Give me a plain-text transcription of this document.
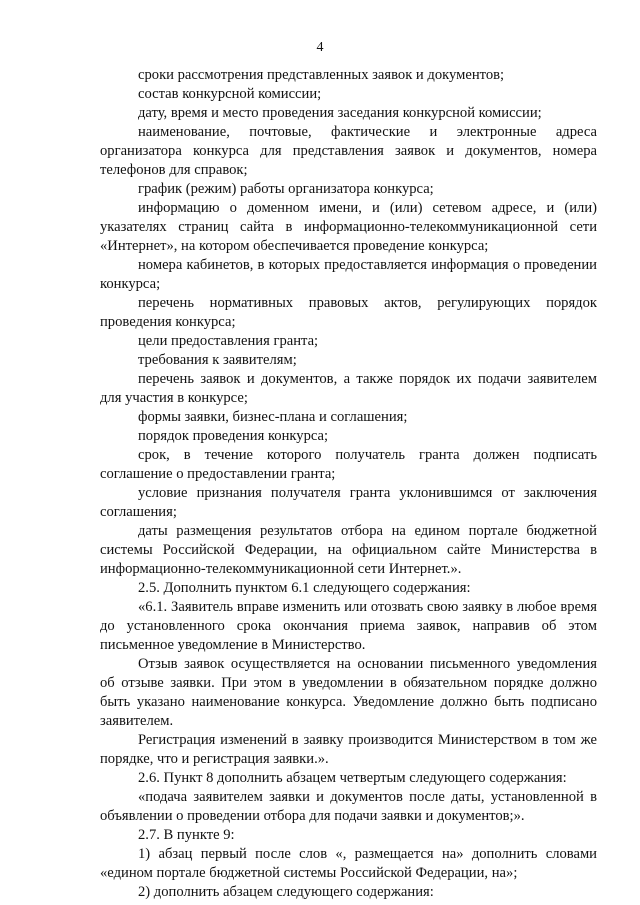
4

сроки рассмотрения представленных заявок и документов;

состав конкурсной комиссии;

дату, время и место проведения заседания конкурсной комиссии;

наименование, почтовые, фактические и электронные адреса организатора конкурса для представления заявок и документов, номера телефонов для справок;

график (режим) работы организатора конкурса;

информацию о доменном имени, и (или) сетевом адресе, и (или) указателях страниц сайта в информационно-телекоммуникационной сети «Интернет», на котором обеспечивается проведение конкурса;

номера кабинетов, в которых предоставляется информация о проведении конкурса;

перечень нормативных правовых актов, регулирующих порядок проведения конкурса;

цели предоставления гранта;

требования к заявителям;

перечень заявок и документов, а также порядок их подачи заявителем для участия в конкурсе;

формы заявки, бизнес-плана и соглашения;

порядок проведения конкурса;

срок, в течение которого получатель гранта должен подписать соглашение о предоставлении гранта;

условие признания получателя гранта уклонившимся от заключения соглашения;

даты размещения результатов отбора на едином портале бюджетной системы Российской Федерации, на официальном сайте Министерства в информационно-телекоммуникационной сети Интернет.».

2.5. Дополнить пунктом 6.1 следующего содержания:

«6.1. Заявитель вправе изменить или отозвать свою заявку в любое время до установленного срока окончания приема заявок, направив об этом письменное уведомление в Министерство.

Отзыв заявок осуществляется на основании письменного уведомления об отзыве заявки. При этом в уведомлении в обязательном порядке должно быть указано наименование конкурса. Уведомление должно быть подписано заявителем.

Регистрация изменений в заявку производится Министерством в том же порядке, что и регистрация заявки.».

2.6. Пункт 8 дополнить абзацем четвертым следующего содержания:

«подача заявителем заявки и документов после даты, установленной в объявлении о проведении отбора для подачи заявки и документов;».

2.7. В пункте 9:

1) абзац первый после слов «, размещается на» дополнить словами «едином портале бюджетной системы Российской Федерации, на»;

2) дополнить абзацем следующего содержания:
